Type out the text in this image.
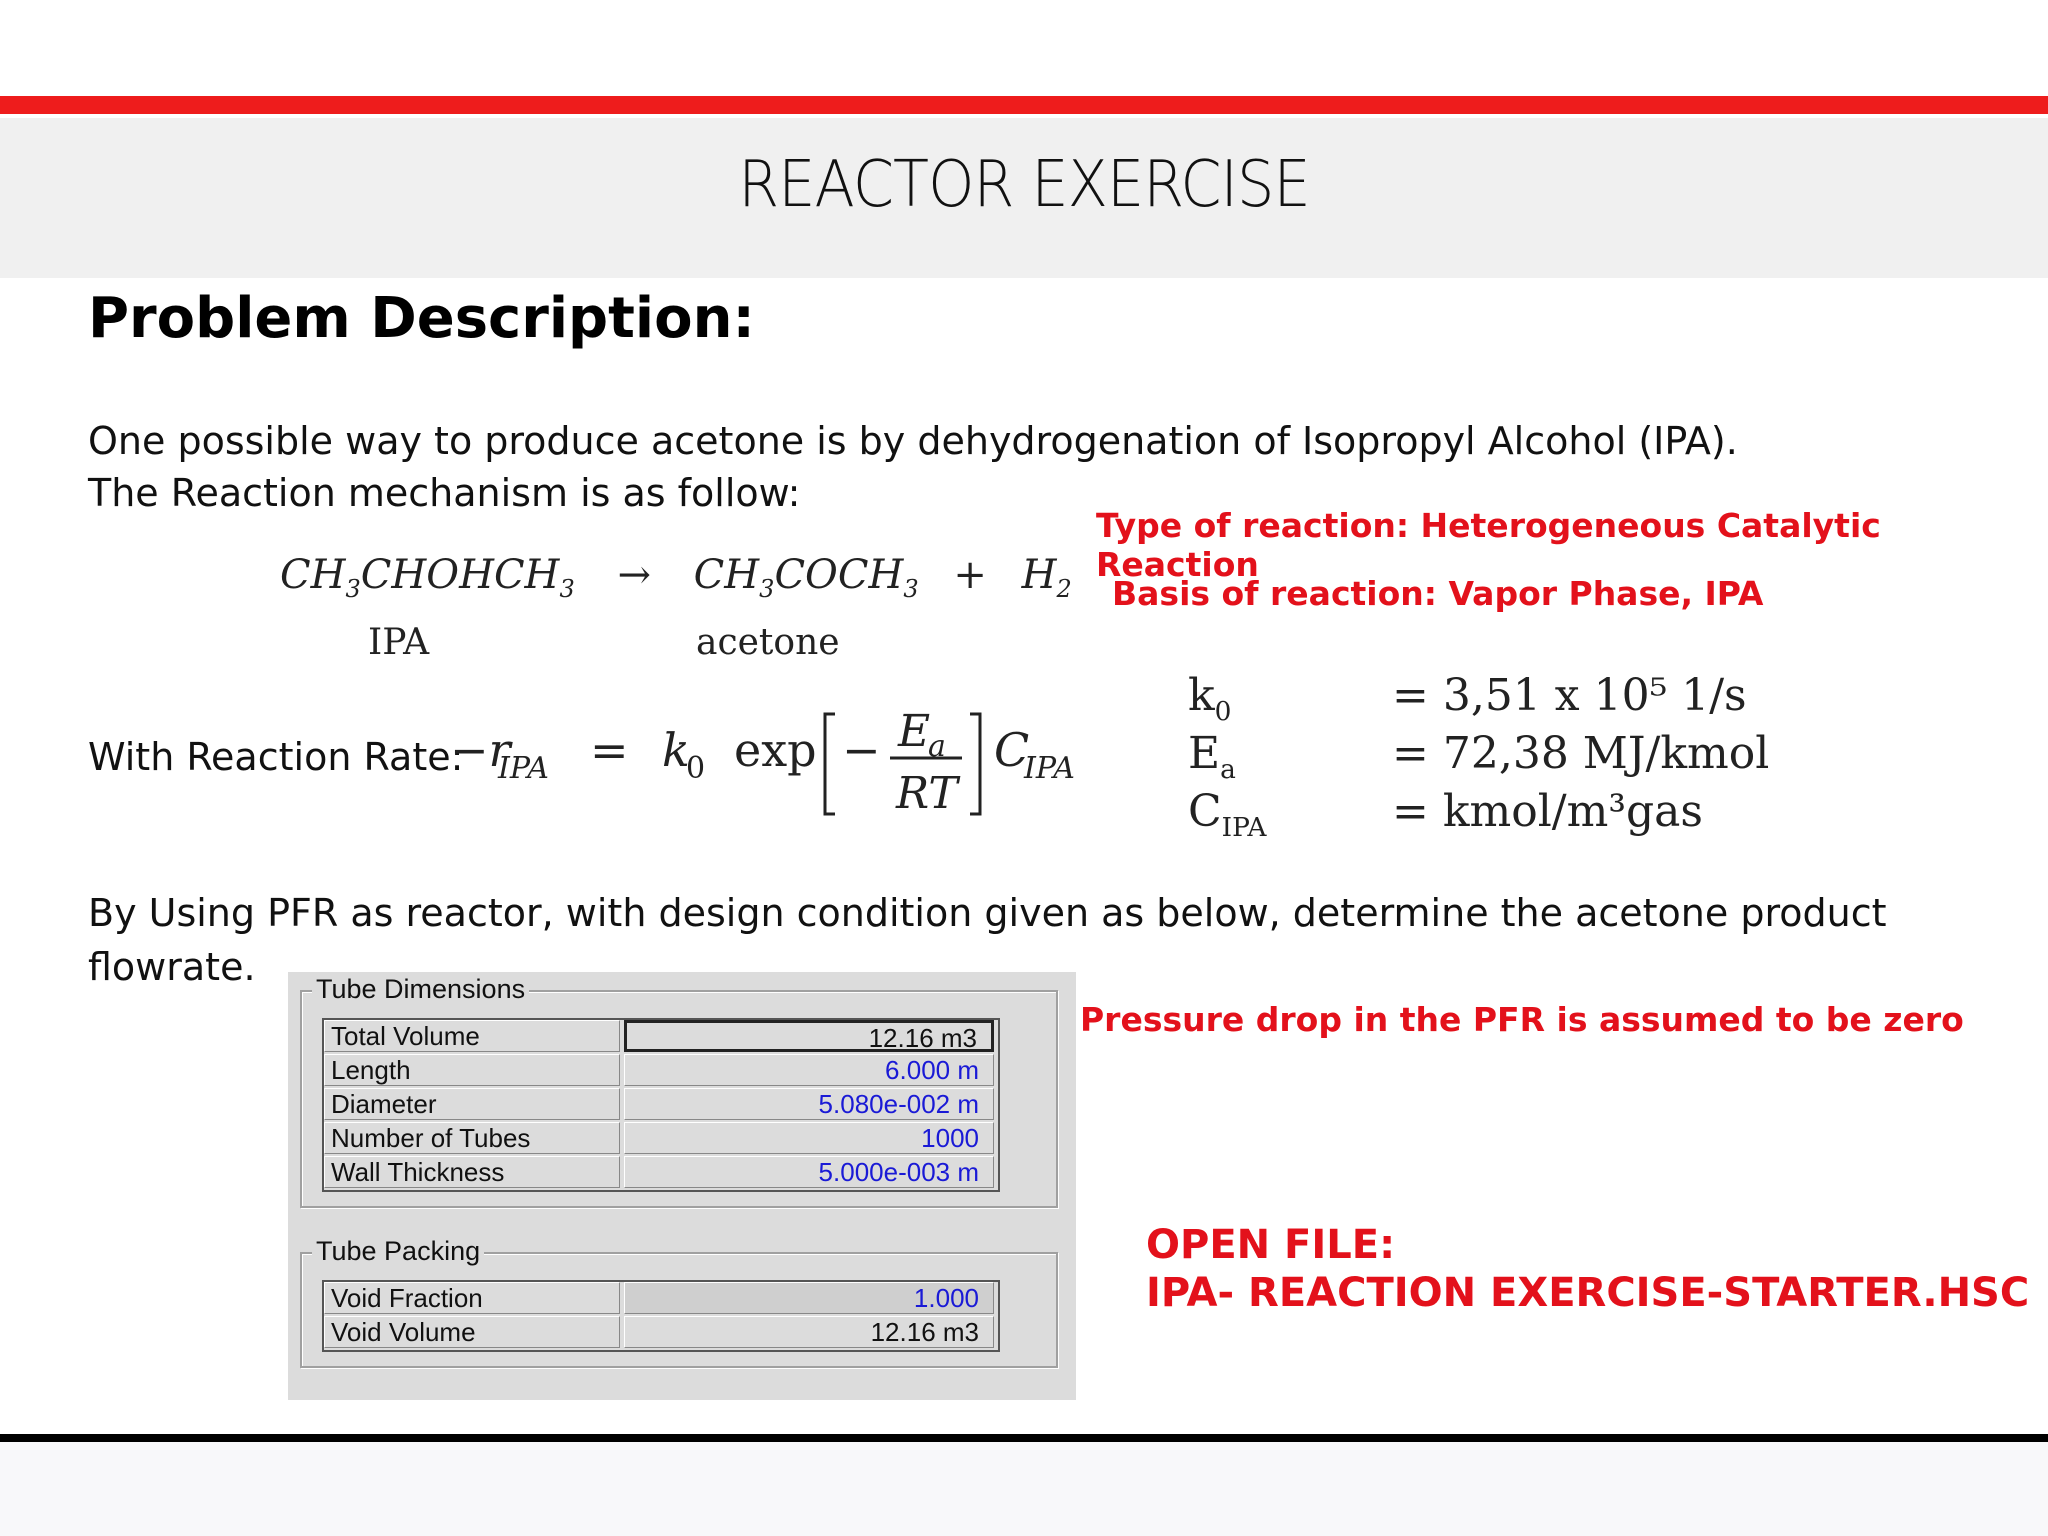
REACTOR EXERCISE
Problem Description:
One possible way to produce acetone is by dehydrogenation of Isopropyl Alcohol (IPA).
The Reaction mechanism is as follow:
$CH_3CHOHCH_3$ → $CH_3COCH_3 + H_2$
IPA	acetone
Type of reaction: Heterogeneous Catalytic Reaction
Basis of reaction: Vapor Phase, IPA
With Reaction Rate:
−r
IPA = k
0 exp − E
a
RT
C
IPA
$k_0$	= 3,51 x 10⁵ 1/s
$E_a$	= 72,38 MJ/kmol
$C_{IPA}$	= kmol/m³gas
By Using PFR as reactor, with design condition given as below, determine the acetone product
flowrate. Tube Dimensions
Total Volume	12.16 m3
Length	6.000 m
Diameter	5.080e-002 m
Number of Tubes	1000
Wall Thickness	5.000e-003 m
Tube Packing
Void Fraction	1.000
Void Volume	12.16 m3
Pressure drop in the PFR is assumed to be zero
OPEN FILE:
IPA- REACTION EXERCISE-STARTER.HSC
